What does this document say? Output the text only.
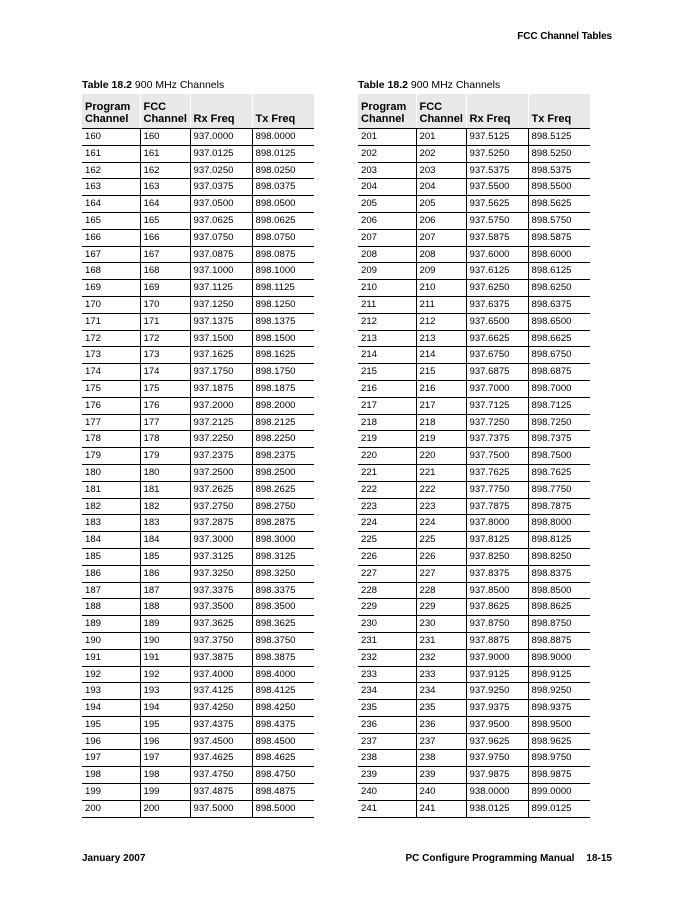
FCC Channel Tables
Table 18.2 900 MHz Channels
Program Channel	FCC Channel	Rx Freq	Tx Freq
160	160	937.0000	898.0000
161	161	937.0125	898.0125
162	162	937.0250	898.0250
163	163	937.0375	898.0375
164	164	937.0500	898.0500
165	165	937.0625	898.0625
166	166	937.0750	898.0750
167	167	937.0875	898.0875
168	168	937.1000	898.1000
169	169	937.1125	898.1125
170	170	937.1250	898.1250
171	171	937.1375	898.1375
172	172	937.1500	898.1500
173	173	937.1625	898.1625
174	174	937.1750	898.1750
175	175	937.1875	898.1875
176	176	937.2000	898.2000
177	177	937.2125	898.2125
178	178	937.2250	898.2250
179	179	937.2375	898.2375
180	180	937.2500	898.2500
181	181	937.2625	898.2625
182	182	937.2750	898.2750
183	183	937.2875	898.2875
184	184	937.3000	898.3000
185	185	937.3125	898.3125
186	186	937.3250	898.3250
187	187	937.3375	898.3375
188	188	937.3500	898.3500
189	189	937.3625	898.3625
190	190	937.3750	898.3750
191	191	937.3875	898.3875
192	192	937.4000	898.4000
193	193	937.4125	898.4125
194	194	937.4250	898.4250
195	195	937.4375	898.4375
196	196	937.4500	898.4500
197	197	937.4625	898.4625
198	198	937.4750	898.4750
199	199	937.4875	898.4875
200	200	937.5000	898.5000
Table 18.2 900 MHz Channels
Program Channel	FCC Channel	Rx Freq	Tx Freq
201	201	937.5125	898.5125
202	202	937.5250	898.5250
203	203	937.5375	898.5375
204	204	937.5500	898.5500
205	205	937.5625	898.5625
206	206	937.5750	898.5750
207	207	937.5875	898.5875
208	208	937.6000	898.6000
209	209	937.6125	898.6125
210	210	937.6250	898.6250
211	211	937.6375	898.6375
212	212	937.6500	898.6500
213	213	937.6625	898.6625
214	214	937.6750	898.6750
215	215	937.6875	898.6875
216	216	937.7000	898.7000
217	217	937.7125	898.7125
218	218	937.7250	898.7250
219	219	937.7375	898.7375
220	220	937.7500	898.7500
221	221	937.7625	898.7625
222	222	937.7750	898.7750
223	223	937.7875	898.7875
224	224	937.8000	898.8000
225	225	937.8125	898.8125
226	226	937.8250	898.8250
227	227	937.8375	898.8375
228	228	937.8500	898.8500
229	229	937.8625	898.8625
230	230	937.8750	898.8750
231	231	937.8875	898.8875
232	232	937.9000	898.9000
233	233	937.9125	898.9125
234	234	937.9250	898.9250
235	235	937.9375	898.9375
236	236	937.9500	898.9500
237	237	937.9625	898.9625
238	238	937.9750	898.9750
239	239	937.9875	898.9875
240	240	938.0000	899.0000
241	241	938.0125	899.0125
January 2007	PC Configure Programming Manual 18-15
